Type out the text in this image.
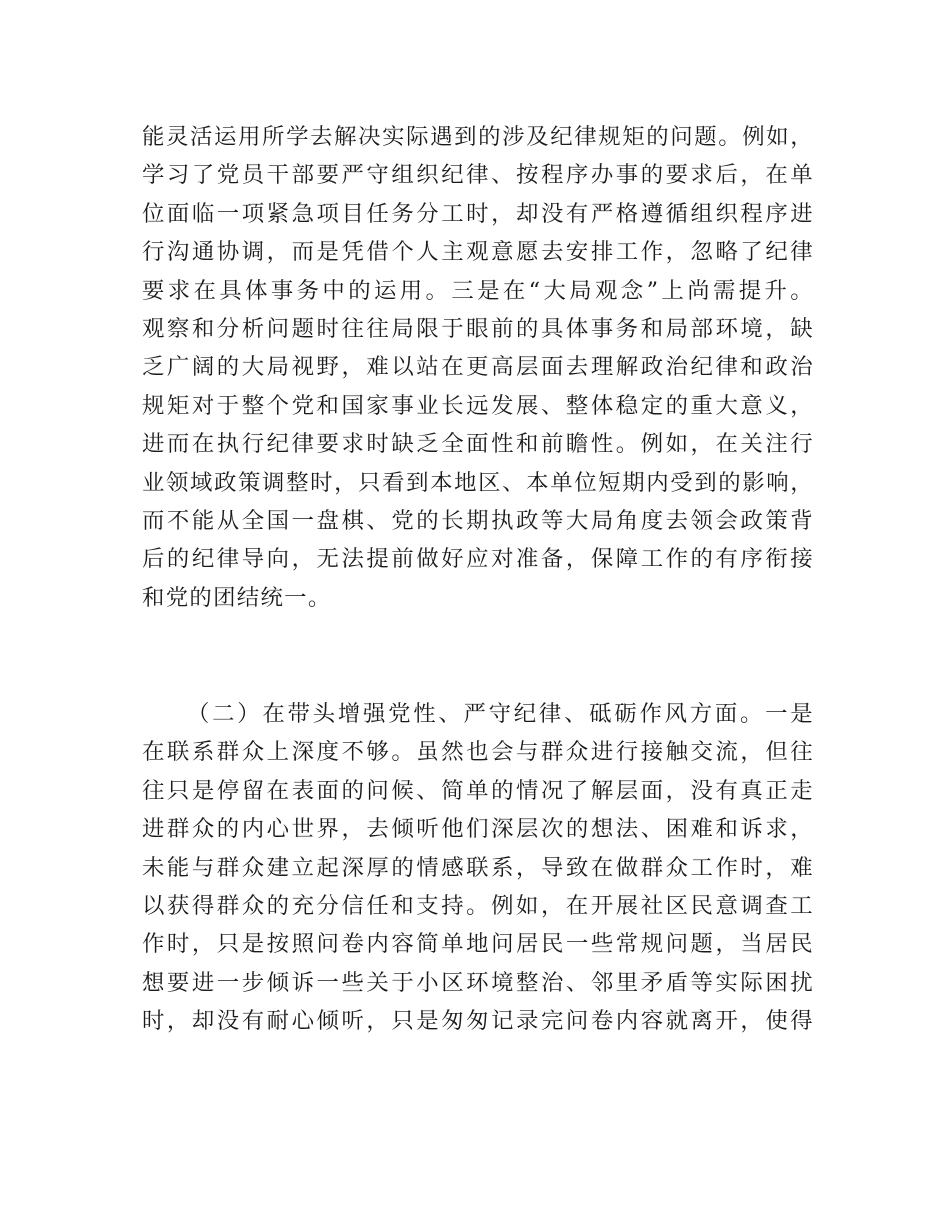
能灵活运用所学去解决实际遇到的涉及纪律规矩的问题。例如，
学习了党员干部要严守组织纪律、按程序办事的要求后，在单
位面临一项紧急项目任务分工时，却没有严格遵循组织程序进
行沟通协调，而是凭借个人主观意愿去安排工作，忽略了纪律
要求在具体事务中的运用。三是在“大局观念”上尚需提升。
观察和分析问题时往往局限于眼前的具体事务和局部环境，缺
乏广阔的大局视野，难以站在更高层面去理解政治纪律和政治
规矩对于整个党和国家事业长远发展、整体稳定的重大意义，
进而在执行纪律要求时缺乏全面性和前瞻性。例如，在关注行
业领域政策调整时，只看到本地区、本单位短期内受到的影响，
而不能从全国一盘棋、党的长期执政等大局角度去领会政策背
后的纪律导向，无法提前做好应对准备，保障工作的有序衔接
和党的团结统一。
（二）在带头增强党性、严守纪律、砥砺作风方面。一是
在联系群众上深度不够。虽然也会与群众进行接触交流，但往
往只是停留在表面的问候、简单的情况了解层面，没有真正走
进群众的内心世界，去倾听他们深层次的想法、困难和诉求，
未能与群众建立起深厚的情感联系，导致在做群众工作时，难
以获得群众的充分信任和支持。例如，在开展社区民意调查工
作时，只是按照问卷内容简单地问居民一些常规问题，当居民
想要进一步倾诉一些关于小区环境整治、邻里矛盾等实际困扰
时，却没有耐心倾听，只是匆匆记录完问卷内容就离开，使得
